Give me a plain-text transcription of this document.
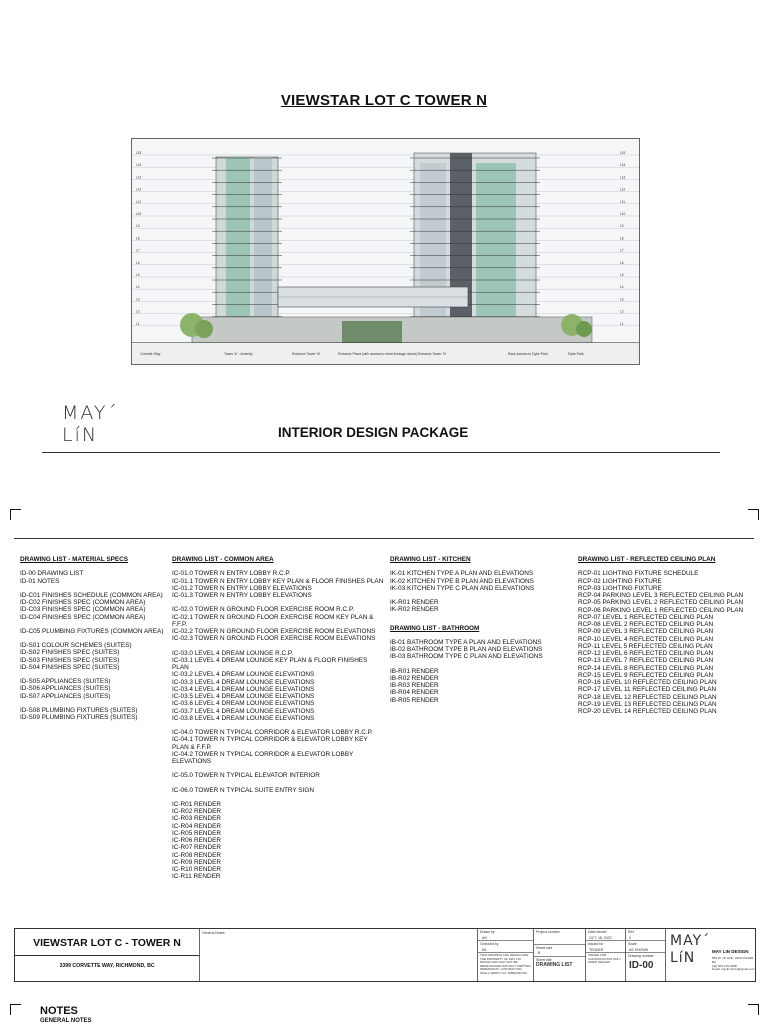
VIEWSTAR LOT C TOWER N
L15	L15
L14	L14
L13	L13
L12	L12
L11	L11
L10	L10
L9	L9
L8	L8
L7	L7
L6	L6
L5	L5
L4	L4
L3	L3
L2	L2
L1	L1
Corvette Way	Tower 'A' - Amenity	Entrance Tower 'N'	Entrance Plaza (with access to retail frontage above) Entrance Tower 'N'	Rack Access to Dyke Park	Dyke Park
MAY´
LíN	INTERIOR DESIGN PACKAGE
DRAWING LIST - MATERIAL SPECS
ID-00 DRAWING LIST
ID-01 NOTES
ID-C01 FINISHES SCHEDULE (COMMON AREA)
ID-C02 FINISHES SPEC (COMMON AREA)
ID-C03 FINISHES SPEC (COMMON AREA)
ID-C04 FINISHES SPEC (COMMON AREA)
ID-C05 PLUMBING FIXTURES (COMMON AREA)
ID-S01 COLOUR SCHEMES (SUITES)
ID-S02 FINISHES SPEC (SUITES)
ID-S03 FINISHES SPEC (SUITES)
ID-S04 FINISHES SPEC (SUITES)
ID-S05 APPLIANCES (SUITES)
ID-S06 APPLIANCES (SUITES)
ID-S07 APPLIANCES (SUITES)
ID-S08 PLUMBING FIXTURES (SUITES)
ID-S09 PLUMBING FIXTURES (SUITES)
DRAWING LIST - COMMON AREA
IC-01.0 TOWER N ENTRY LOBBY R.C.P.
IC-01.1 TOWER N ENTRY LOBBY KEY PLAN & FLOOR FINISHES PLAN
IC-01.2 TOWER N ENTRY LOBBY ELEVATIONS
IC-01.3 TOWER N ENTRY LOBBY ELEVATIONS
IC-02.0 TOWER N GROUND FLOOR EXERCISE ROOM R.C.P.
IC-02.1 TOWER N GROUND FLOOR EXERCISE ROOM KEY PLAN & F.F.P.
IC-02.2 TOWER N GROUND FLOOR EXERCISE ROOM ELEVATIONS
IC-02.3 TOWER N GROUND FLOOR EXERCISE ROOM ELEVATIONS
IC-03.0 LEVEL 4 DREAM LOUNGE R.C.P.
IC-03.1 LEVEL 4 DREAM LOUNGE KEY PLAN & FLOOR FINISHES PLAN
IC-03.2 LEVEL 4 DREAM LOUNGE ELEVATIONS
IC-03.3 LEVEL 4 DREAM LOUNGE ELEVATIONS
IC-03.4 LEVEL 4 DREAM LOUNGE ELEVATIONS
IC-03.5 LEVEL 4 DREAM LOUNGE ELEVATIONS
IC-03.6 LEVEL 4 DREAM LOUNGE ELEVATIONS
IC-03.7 LEVEL 4 DREAM LOUNGE ELEVATIONS
IC-03.8 LEVEL 4 DREAM LOUNGE ELEVATIONS
IC-04.0 TOWER N TYPICAL CORRIDOR & ELEVATOR LOBBY R.C.P.
IC-04.1 TOWER N TYPICAL CORRIDOR & ELEVATOR LOBBY KEY PLAN & F.F.P.
IC-04.2 TOWER N TYPICAL CORRIDOR & ELEVATOR LOBBY ELEVATIONS
IC-05.0 TOWER N TYPICAL ELEVATOR INTERIOR
IC-06.0 TOWER N TYPICAL SUITE ENTRY SIGN
IC-R01 RENDER
IC-R02 RENDER
IC-R03 RENDER
IC-R04 RENDER
IC-R05 RENDER
IC-R06 RENDER
IC-R07 RENDER
IC-R08 RENDER
IC-R09 RENDER
IC-R10 RENDER
IC-R11 RENDER
DRAWING LIST - KITCHEN
IK-01 KITCHEN TYPE A PLAN AND ELEVATIONS
IK-02 KITCHEN TYPE B PLAN AND ELEVATIONS
IK-03 KITCHEN TYPE C PLAN AND ELEVATIONS
IK-R01 RENDER
IK-R02 RENDER
DRAWING LIST - BATHROOM
IB-01 BATHROOM TYPE A PLAN AND ELEVATIONS
IB-02 BATHROOM TYPE B PLAN AND ELEVATIONS
IB-03 BATHROOM TYPE C PLAN AND ELEVATIONS
IB-R01 RENDER
IB-R02 RENDER
IB-R03 RENDER
IB-R04 RENDER
IB-R05 RENDER
DRAWING LIST - REFLECTED CEILING PLAN
RCP-01 LIGHTING FIXTURE SCHEDULE
RCP-02 LIGHTING FIXTURE
RCP-03 LIGHTING FIXTURE
RCP-04 PARKING LEVEL 3 REFLECTED CEILING PLAN
RCP-05 PARKING LEVEL 2 REFLECTED CEILING PLAN
RCP-06 PARKING LEVEL 1 REFLECTED CEILING PLAN
RCP-07 LEVEL 1 REFLECTED CEILING PLAN
RCP-08 LEVEL 2 REFLECTED CEILING PLAN
RCP-09 LEVEL 3 REFLECTED CEILING PLAN
RCP-10 LEVEL 4 REFLECTED CEILING PLAN
RCP-11 LEVEL 5 REFLECTED CEILING PLAN
RCP-12 LEVEL 6 REFLECTED CEILING PLAN
RCP-13 LEVEL 7 REFLECTED CEILING PLAN
RCP-14 LEVEL 8 REFLECTED CEILING PLAN
RCP-15 LEVEL 9 REFLECTED CEILING PLAN
RCP-16 LEVEL 10 REFLECTED CEILING PLAN
RCP-17 LEVEL 11 REFLECTED CEILING PLAN
RCP-18 LEVEL 12 REFLECTED CEILING PLAN
RCP-19 LEVEL 13 REFLECTED CEILING PLAN
RCP-20 LEVEL 14 REFLECTED CEILING PLAN
VIEWSTAR LOT C - TOWER N
3399 CORVETTE WAY, RICHMOND, BC
General Notes	Drawn by
AN
Checked by
ML
THIS DRAWING AND DESIGN ARE THE PROPERTY OF MAY LIN DESIGN AND MAY NOT BE REPRODUCED WITHOUT WRITTEN PERMISSION. CONTRACTOR SHALL VERIFY ALL DIMENSIONS.
Project number
Sheet size
B
Sheet title
DRAWING LIST
Date issued
OCT. 18, 2022
Issued for
TENDER
ISSUED FOR CONSTRUCTION ONLY WHEN SEALED
Rev
0
Scale
AS SHOWN
Drawing number
ID-00
MAY´
LíN	MAY LIN DESIGN
555 W. 7th AVE, VANCOUVER, BC
(tel) 604-710-3288
Email: maylin.hk.lin@gmail.com
NOTES
GENERAL NOTES
